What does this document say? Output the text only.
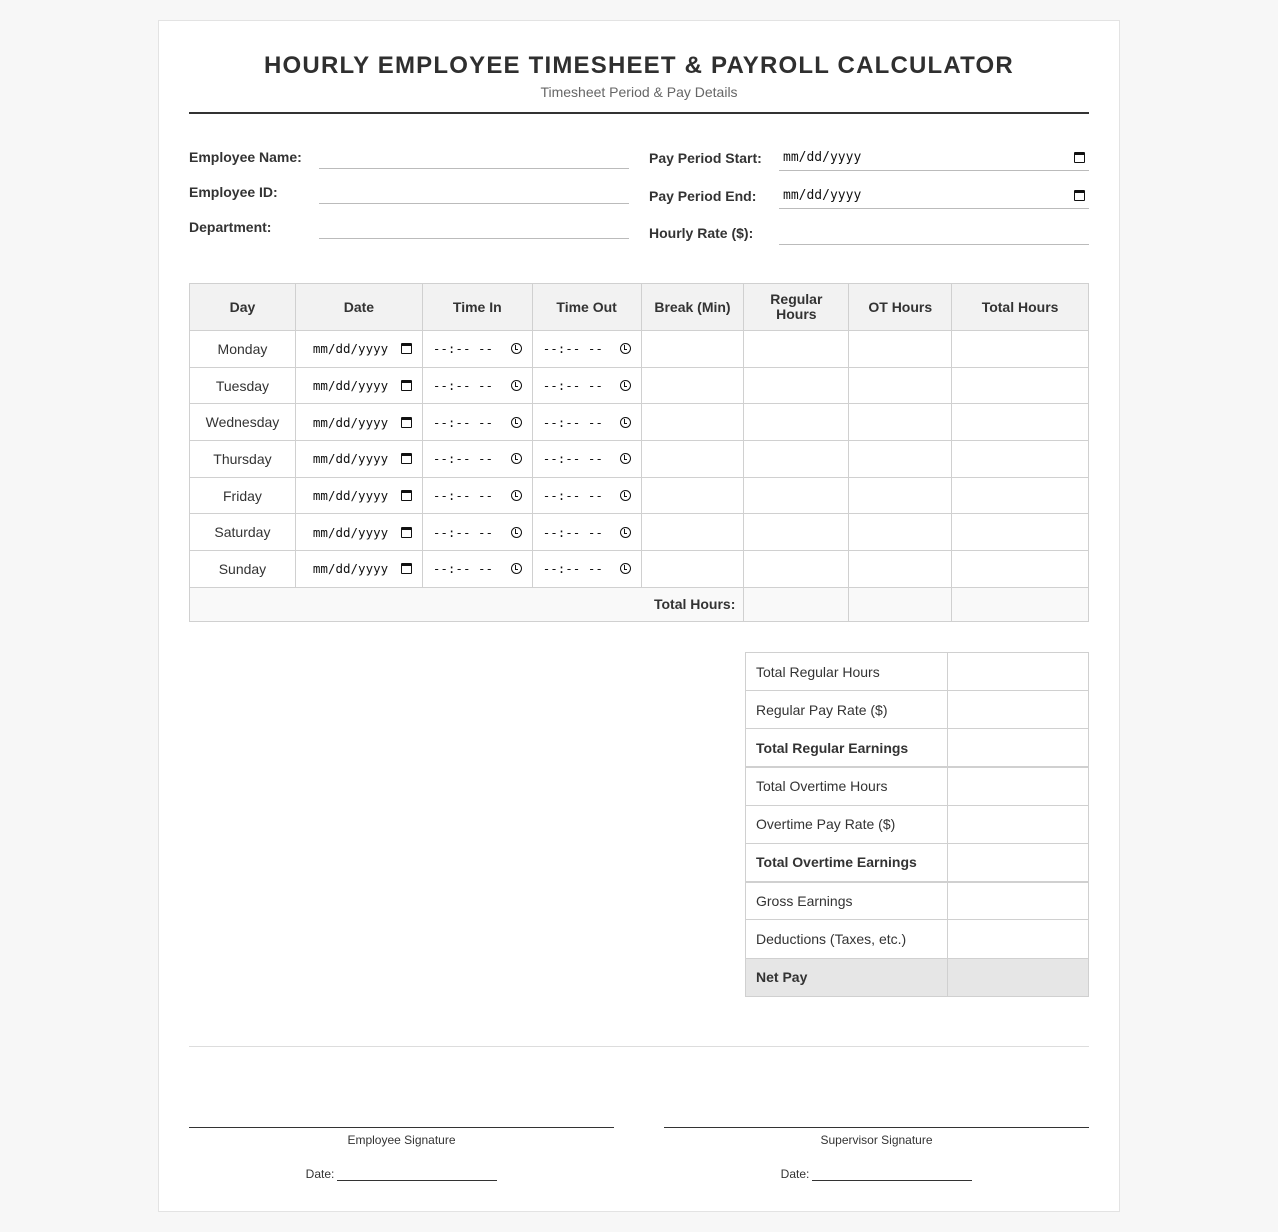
HOURLY EMPLOYEE TIMESHEET & PAYROLL CALCULATOR
Timesheet Period & Pay Details
Employee Name:
Employee ID:
Department:
Pay Period Start:	mm/dd/yyyy
Pay Period End:	mm/dd/yyyy
Hourly Rate ($):
Day	Date	Time In	Time Out	Break (Min)	Regular Hours	OT Hours	Total Hours
Monday	mm/dd/yyyy	--:-- --	--:-- --				

Tuesday	mm/dd/yyyy	--:-- --	--:-- --				

Wednesday	mm/dd/yyyy	--:-- --	--:-- --				

Thursday	mm/dd/yyyy	--:-- --	--:-- --				

Friday	mm/dd/yyyy	--:-- --	--:-- --				

Saturday	mm/dd/yyyy	--:-- --	--:-- --				

Sunday	mm/dd/yyyy	--:-- --	--:-- --				

Total Hours:							
Total Regular Hours	
Regular Pay Rate ($)	
Total Regular Earnings	
Total Overtime Hours	
Overtime Pay Rate ($)	
Total Overtime Earnings	
Gross Earnings	
Deductions (Taxes, etc.)	
Net Pay	
Employee Signature
Date:
Supervisor Signature
Date:
